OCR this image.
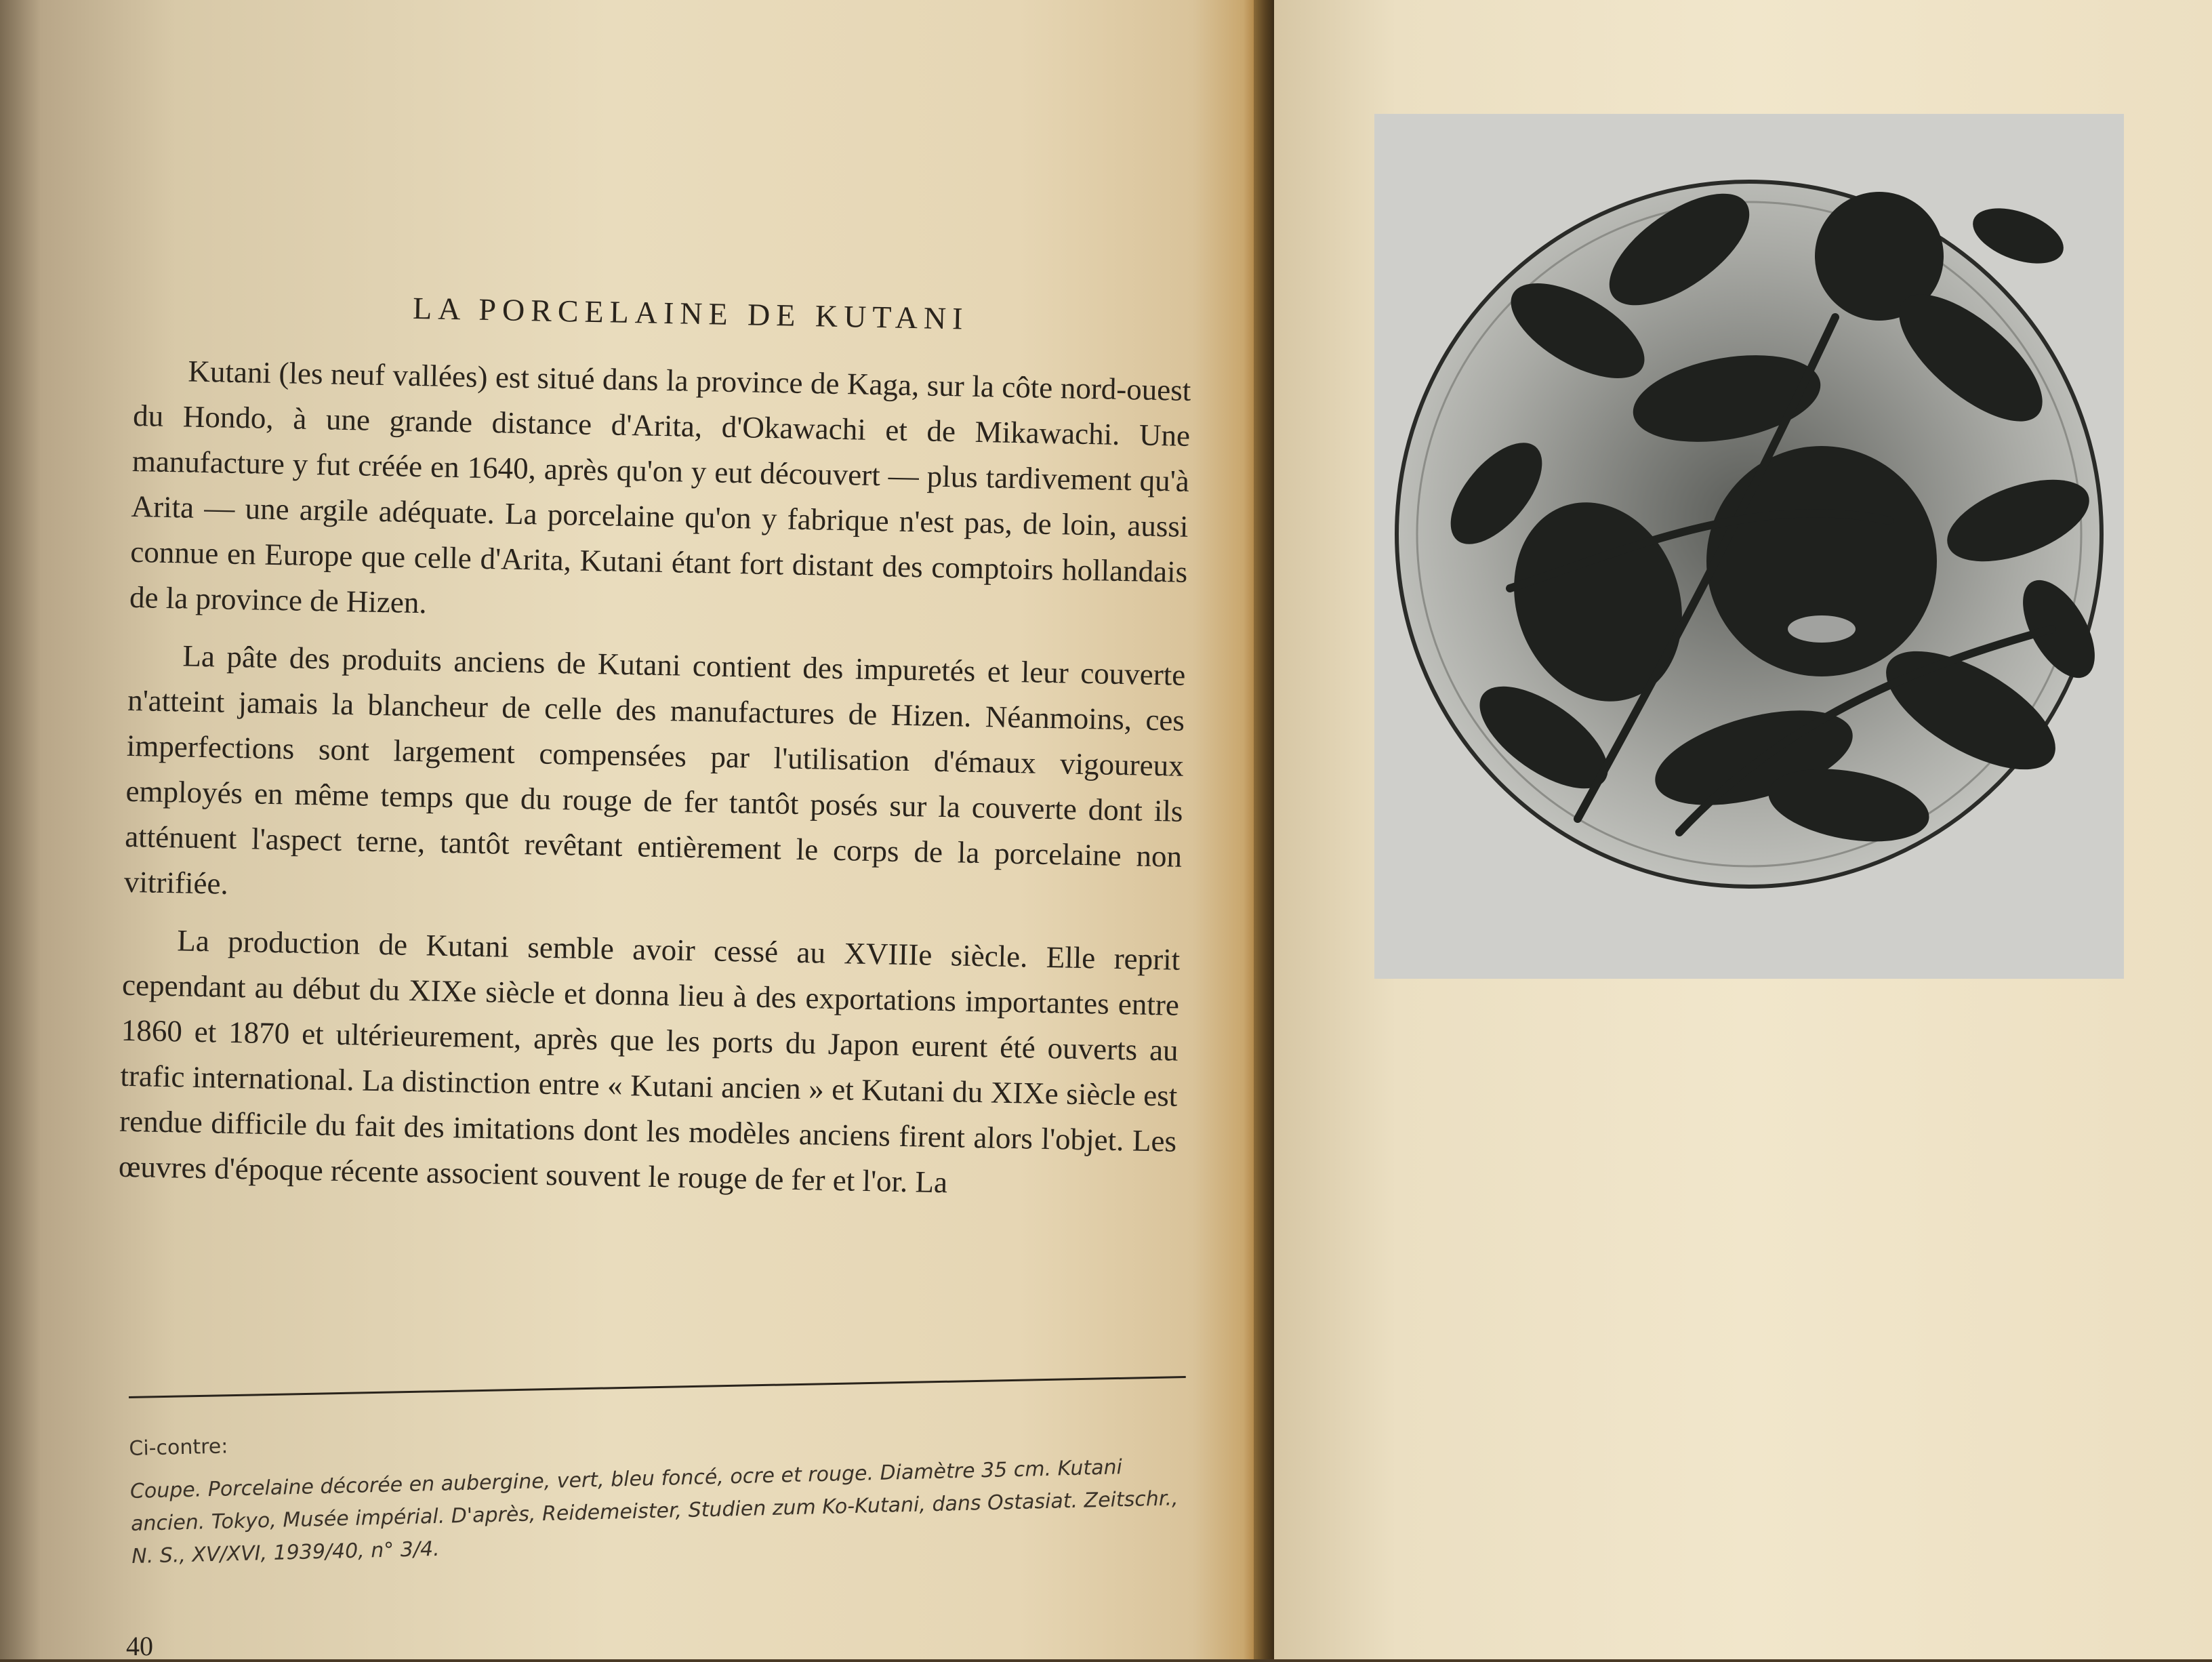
LA PORCELAINE DE KUTANI

Kutani (les neuf vallées) est situé dans la province de Kaga, sur la côte nord-ouest du Hondo, à une grande distance d'Arita, d'Okawachi et de Mikawachi. Une manufacture y fut créée en 1640, après qu'on y eut découvert — plus tardivement qu'à Arita — une argile adéquate. La porcelaine qu'on y fabrique n'est pas, de loin, aussi connue en Europe que celle d'Arita, Kutani étant fort distant des comptoirs hollandais de la province de Hizen.

La pâte des produits anciens de Kutani contient des impuretés et leur couverte n'atteint jamais la blancheur de celle des manufactures de Hizen. Néanmoins, ces imperfections sont largement compensées par l'utilisation d'émaux vigoureux employés en même temps que du rouge de fer tantôt posés sur la couverte dont ils atténuent l'aspect terne, tantôt revêtant entièrement le corps de la porcelaine non vitrifiée.

La production de Kutani semble avoir cessé au XVIIIe siècle. Elle reprit cependant au début du XIXe siècle et donna lieu à des exportations importantes entre 1860 et 1870 et ultérieurement, après que les ports du Japon eurent été ouverts au trafic international. La distinction entre « Kutani ancien » et Kutani du XIXe siècle est rendue difficile du fait des imitations dont les modèles anciens firent alors l'objet. Les œuvres d'époque récente associent souvent le rouge de fer et l'or. La

Ci-contre:
Coupe. Porcelaine décorée en aubergine, vert, bleu foncé, ocre et rouge. Diamètre 35 cm. Kutani ancien. Tokyo, Musée impérial. D'après, Reidemeister, Studien zum Ko-Kutani, dans Ostasiat. Zeitschr., N. S., XV/XVI, 1939/40, n° 3/4.
40
